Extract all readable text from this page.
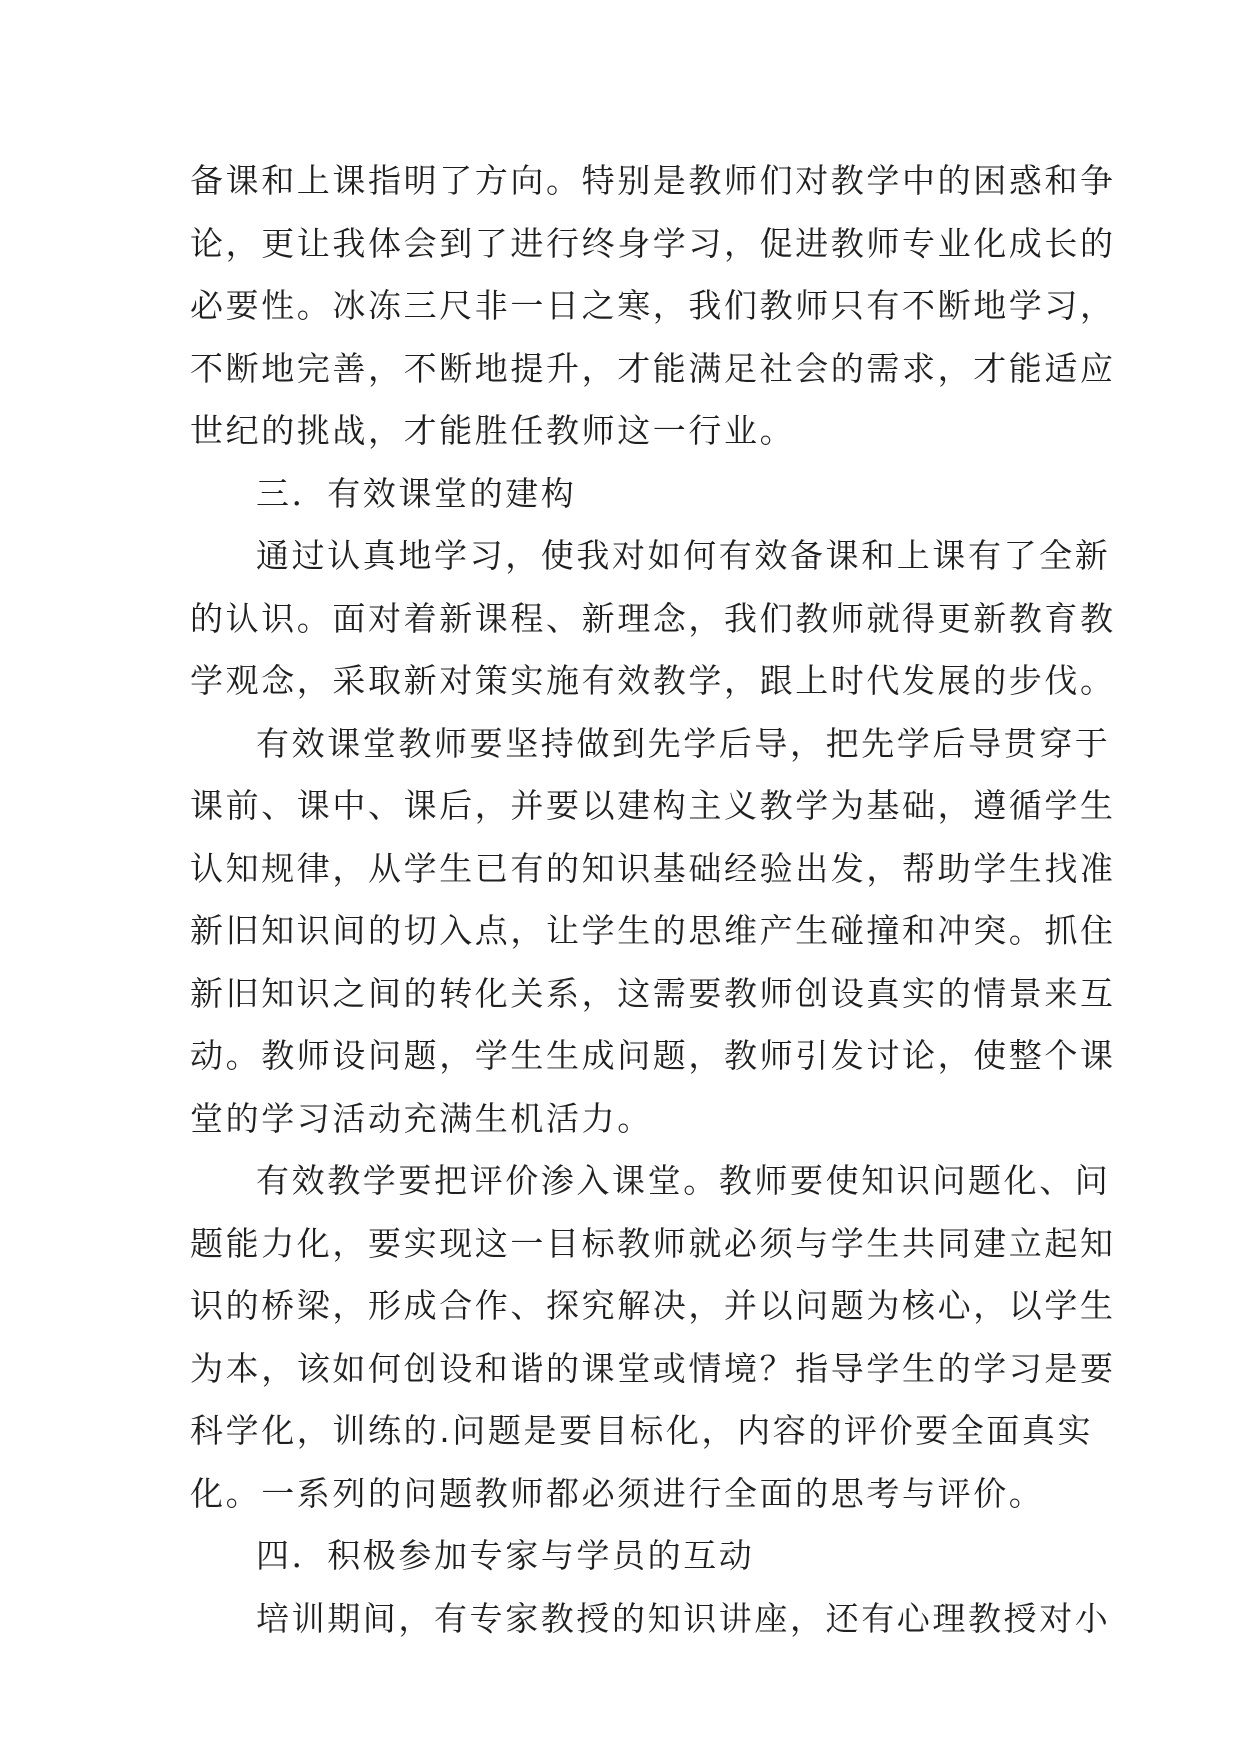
备课和上课指明了方向。特别是教师们对教学中的困惑和争
论，更让我体会到了进行终身学习，促进教师专业化成长的
必要性。冰冻三尺非一日之寒，我们教师只有不断地学习，
不断地完善，不断地提升，才能满足社会的需求，才能适应
世纪的挑战，才能胜任教师这一行业。
三．有效课堂的建构
通过认真地学习，使我对如何有效备课和上课有了全新
的认识。面对着新课程、新理念，我们教师就得更新教育教
学观念，采取新对策实施有效教学，跟上时代发展的步伐。
有效课堂教师要坚持做到先学后导，把先学后导贯穿于
课前、课中、课后，并要以建构主义教学为基础，遵循学生
认知规律，从学生已有的知识基础经验出发，帮助学生找准
新旧知识间的切入点，让学生的思维产生碰撞和冲突。抓住
新旧知识之间的转化关系，这需要教师创设真实的情景来互
动。教师设问题，学生生成问题，教师引发讨论，使整个课
堂的学习活动充满生机活力。
有效教学要把评价渗入课堂。教师要使知识问题化、问
题能力化，要实现这一目标教师就必须与学生共同建立起知
识的桥梁，形成合作、探究解决，并以问题为核心，以学生
为本，该如何创设和谐的课堂或情境？指导学生的学习是要
科学化，训练的.问题是要目标化，内容的评价要全面真实
化。一系列的问题教师都必须进行全面的思考与评价。
四．积极参加专家与学员的互动
培训期间，有专家教授的知识讲座，还有心理教授对小
